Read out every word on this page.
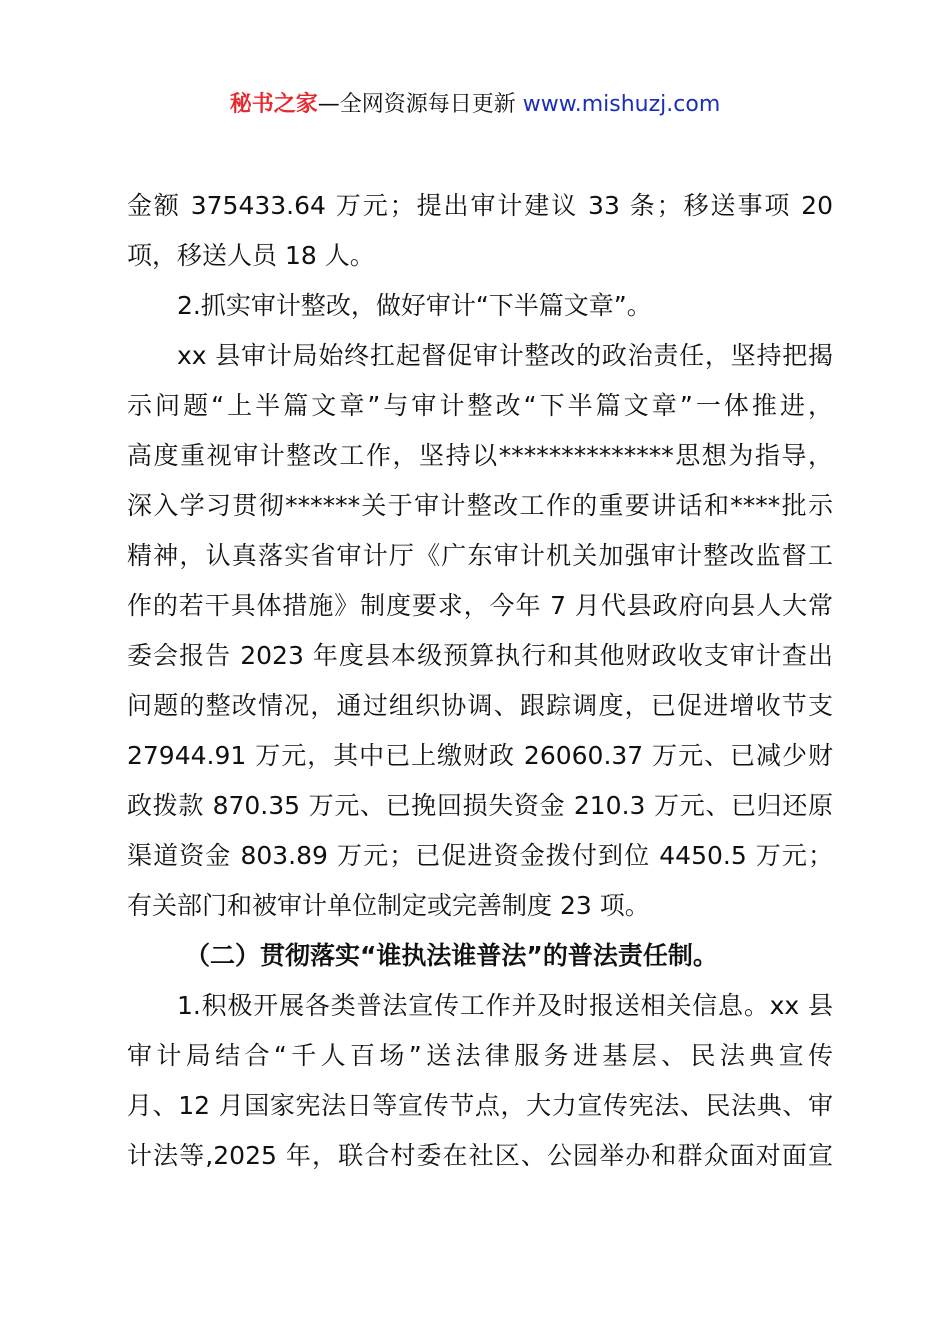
秘书之家—全网资源每日更新 www.mishuzj.com
金额 375433.64 万元；提出审计建议 33 条；移送事项 20
项，移送人员 18 人。
2.抓实审计整改，做好审计“下半篇文章”。
xx 县审计局始终扛起督促审计整改的政治责任，坚持把揭
示问题“上半篇文章”与审计整改“下半篇文章”一体推进，
高度重视审计整改工作，坚持以**************思想为指导，
深入学习贯彻******关于审计整改工作的重要讲话和****批示
精神，认真落实省审计厅《广东审计机关加强审计整改监督工
作的若干具体措施》制度要求，今年 7 月代县政府向县人大常
委会报告 2023 年度县本级预算执行和其他财政收支审计查出
问题的整改情况，通过组织协调、跟踪调度，已促进增收节支
27944.91 万元，其中已上缴财政 26060.37 万元、已减少财
政拨款 870.35 万元、已挽回损失资金 210.3 万元、已归还原
渠道资金 803.89 万元；已促进资金拨付到位 4450.5 万元；
有关部门和被审计单位制定或完善制度 23 项。
（二）贯彻落实“谁执法谁普法”的普法责任制。
1.积极开展各类普法宣传工作并及时报送相关信息。xx 县
审计局结合“千人百场”送法律服务进基层、民法典宣传
月、12 月国家宪法日等宣传节点，大力宣传宪法、民法典、审
计法等,2025 年，联合村委在社区、公园举办和群众面对面宣
